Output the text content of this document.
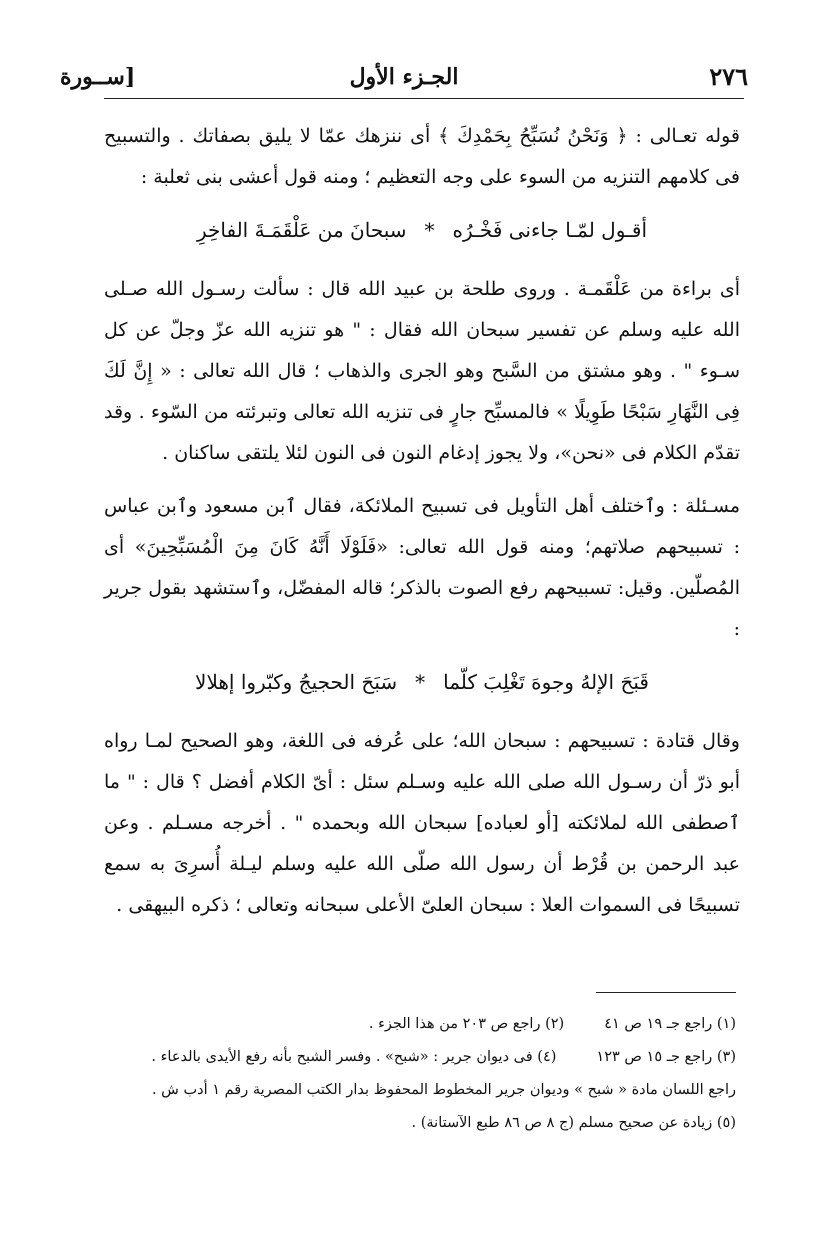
٢٧٦
الجـزء الأول
[ســورة

قوله تعـالى : ﴿ وَنَحْنُ نُسَبِّحُ بِحَمْدِكَ ﴾ أى ننزهك عمّا لا يليق بصفاتك . والتسبيح فى كلامهم التنزيه من السوء على وجه التعظيم ؛ ومنه قول أعشى بنى ثعلبة :

أقـول لمّـا جاءنى فَخْـرُه*سبحانَ من عَلْقَمَـةَ الفاخِرِ

أى براءة من عَلْقَمـة . وروى طلحة بن عبيد الله قال : سألت رسـول الله صـلى الله عليه وسلم عن تفسير سبحان الله فقال : " هو تنزيه الله عزّ وجلّ عن كل سـوء " . وهو مشتق من السَّبح وهو الجرى والذهاب ؛ قال الله تعالى : « إِنَّ لَكَ فِى النَّهَارِ سَبْحًا طَوِيلًا » فالمسبِّح جارٍ فى تنزيه الله تعالى وتبرئته من السّوء . وقد تقدّم الكلام فى «نحن»، ولا يجوز إدغام النون فى النون لئلا يلتقى ساكنان .

مسـئلة : وٱختلف أهل التأويل فى تسبيح الملائكة، فقال ٱبن مسعود وٱبن عباس : تسبيحهم صلاتهم؛ ومنه قول الله تعالى: «فَلَوْلَا أَنَّهُ كَانَ مِنَ الْمُسَبِّحِينَ» أى المُصلّين. وقيل: تسبيحهم رفع الصوت بالذكر؛ قاله المفضّل، وٱستشهد بقول جرير :

قَبَحَ الإلهُ وجوهَ تَغْلِبَ كلّما*سَبَحَ الحجيجُ وكبّروا إهلالا

وقال قتادة : تسبيحهم : سبحان الله؛ على عُرفه فى اللغة، وهو الصحيح لمـا رواه أبو ذرّ أن رسـول الله صلى الله عليه وسـلم سئل : أىّ الكلام أفضل ؟ قال : " ما ٱصطفى الله لملائكته [أو لعباده] سبحان الله وبحمده " . أخرجه مسـلم . وعن عبد الرحمن بن قُرْط أن رسول الله صلّى الله عليه وسلم ليـلة أُسرِىَ به سمع تسبيحًا فى السموات العلا : سبحان العلىّ الأعلى سبحانه وتعالى ؛ ذكره البيهقى .

(١) راجع جـ ١٩ ص ٤١
(٢) راجع ص ٢٠٣ من هذا الجزء .

(٣) راجع جـ ١٥ ص ١٢٣
(٤) فى ديوان جرير : «شبح» . وفسر الشبح بأنه رفع الأيدى بالدعاء .

راجع اللسان مادة « شبح » وديوان جرير المخطوط المحفوظ بدار الكتب المصرية رقم ١ أدب ش .

(٥) زيادة عن صحيح مسلم (ج ٨ ص ٨٦ طبع الآستانة) .
